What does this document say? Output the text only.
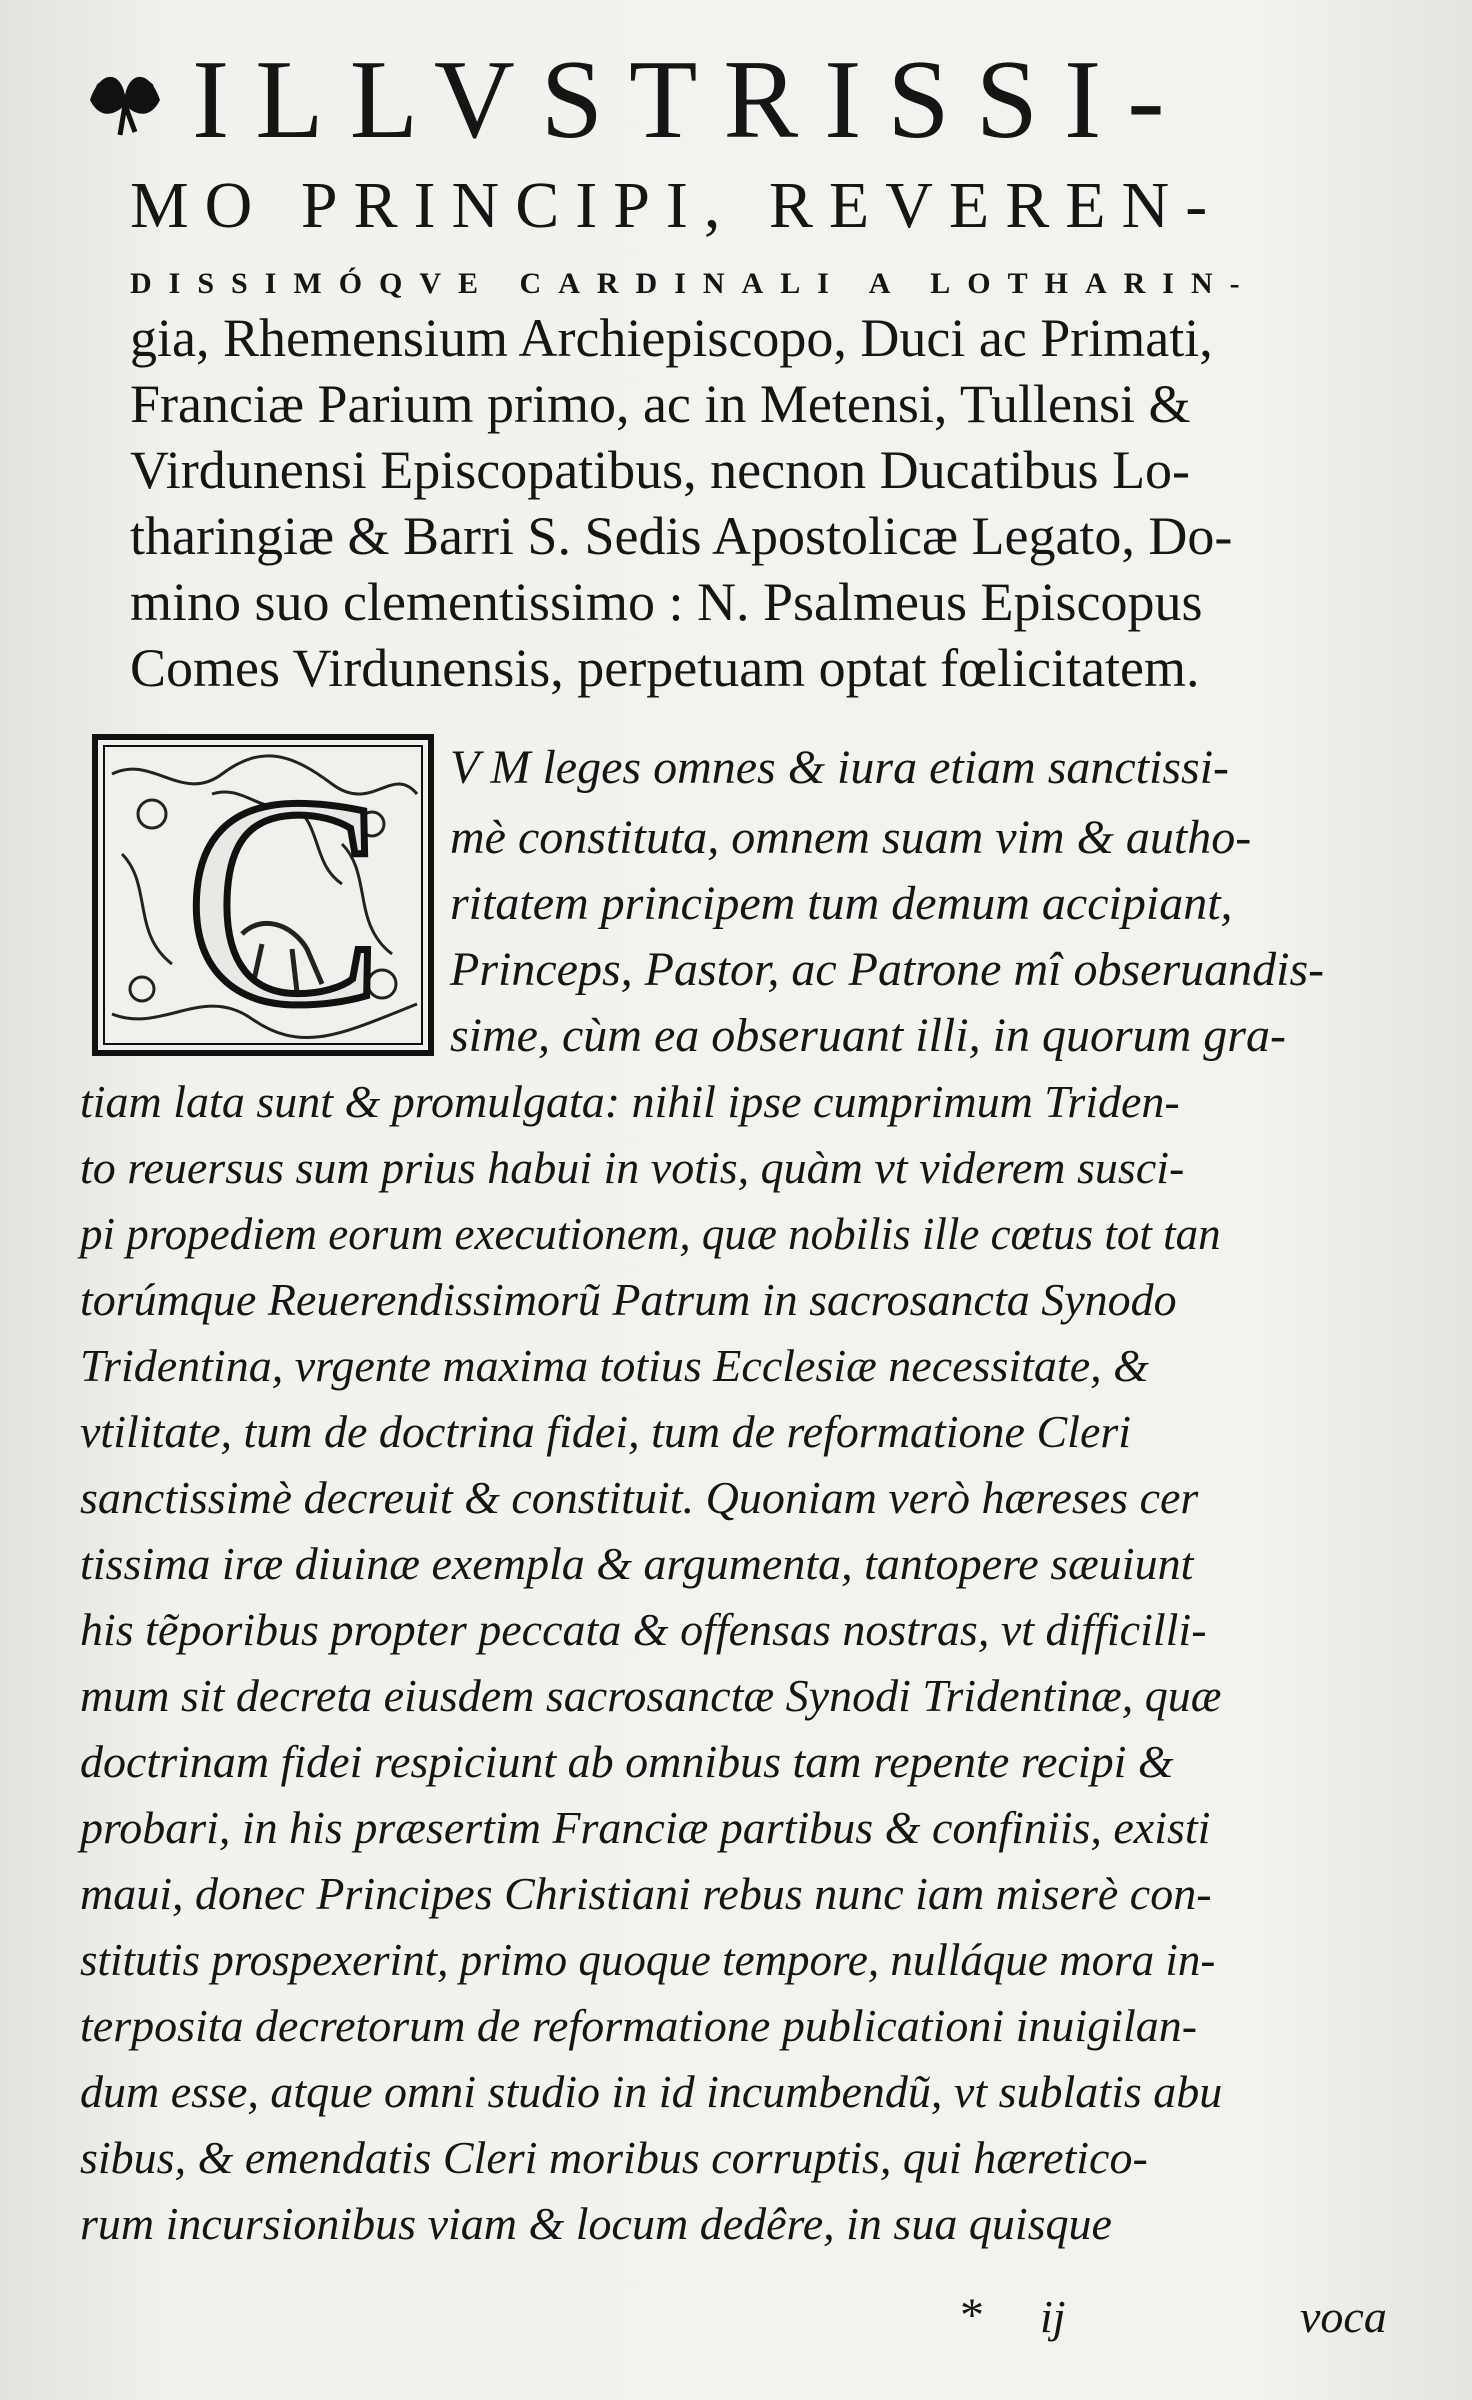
ILLVSTRISSI-
MO PRINCIPI, REVEREN-
DISSIMÓQVE CARDINALI A LOTHARIN-
gia, Rhemensium Archiepiscopo, Duci ac Primati,
Franciæ Parium primo, ac in Metensi, Tullensi &
Virdunensi Episcopatibus, necnon Ducatibus Lo-
tharingiæ & Barri S. Sedis Apostolicæ Legato, Do-
mino suo clementissimo : N. Psalmeus Episcopus
Comes Virdunensis, perpetuam optat fœlicitatem.
C V M leges omnes & iura etiam sanctissi-
mè constituta, omnem suam vim & autho-
ritatem principem tum demum accipiant,
Princeps, Pastor, ac Patrone mî obseruandis-
sime, cùm ea obseruant illi, in quorum gra-
tiam lata sunt & promulgata: nihil ipse cumprimum Triden-
to reuersus sum prius habui in votis, quàm vt viderem susci-
pi propediem eorum executionem, quæ nobilis ille cœtus tot tan
torúmque Reuerendissimorũ Patrum in sacrosancta Synodo
Tridentina, vrgente maxima totius Ecclesiæ necessitate, &
vtilitate, tum de doctrina fidei, tum de reformatione Cleri
sanctissimè decreuit & constituit. Quoniam verò hæreses cer
tissima iræ diuinæ exempla & argumenta, tantopere sæuiunt
his tẽporibus propter peccata & offensas nostras, vt difficilli-
mum sit decreta eiusdem sacrosanctæ Synodi Tridentinæ, quæ
doctrinam fidei respiciunt ab omnibus tam repente recipi &
probari, in his præsertim Franciæ partibus & confiniis, existi
maui, donec Principes Christiani rebus nunc iam miserè con-
stitutis prospexerint, primo quoque tempore, nulláque mora in-
terposita decretorum de reformatione publicationi inuigilan-
dum esse, atque omni studio in id incumbendũ, vt sublatis abu
sibus, & emendatis Cleri moribus corruptis, qui hæretico-
rum incursionibus viam & locum dedêre, in sua quisque
* ij	voca
